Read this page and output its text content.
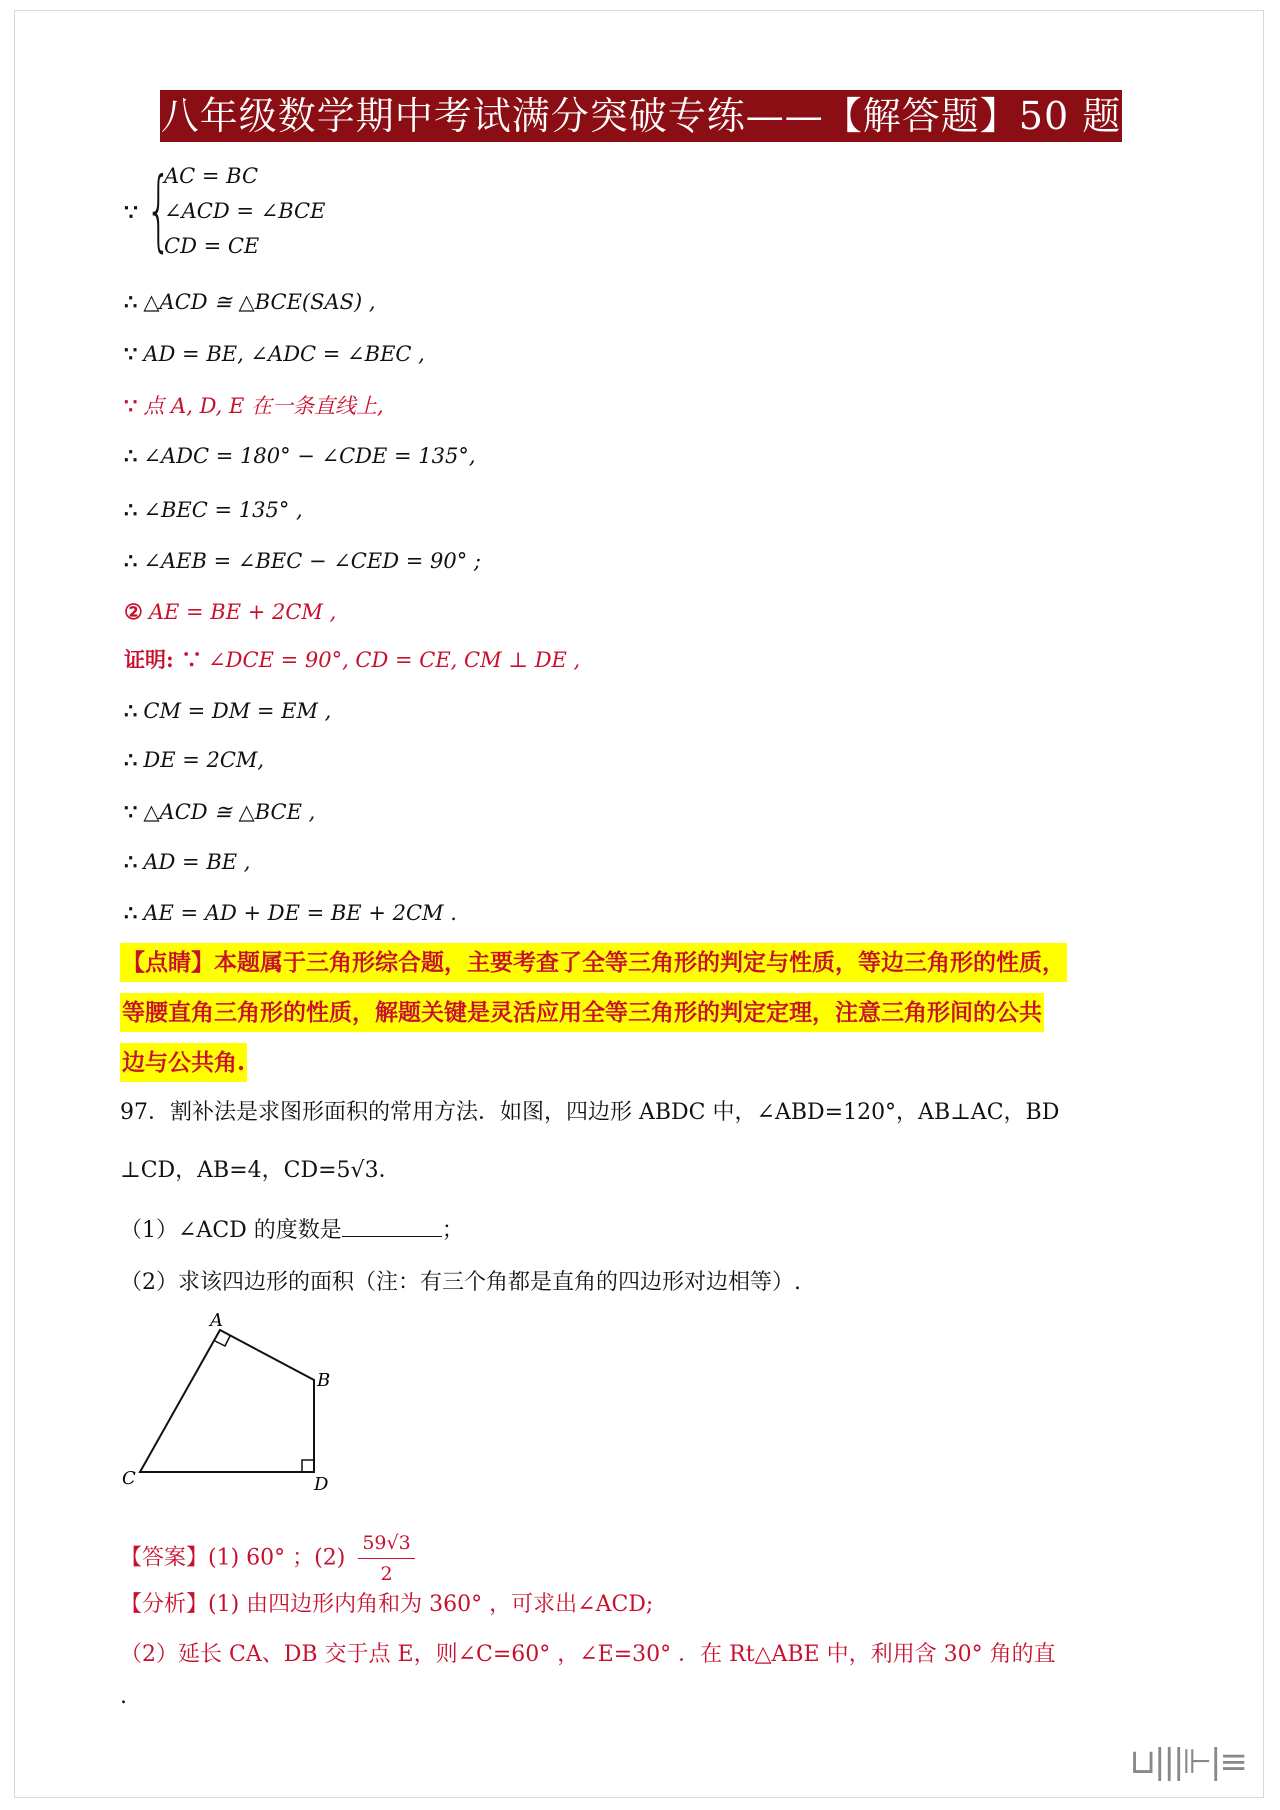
八年级数学期中考试满分突破专练——【解答题】50 题
∵ {
AC = BC
∠ACD = ∠BCE
CD = CE
∴ △ACD ≅ △BCE(SAS) ,
∵ AD = BE, ∠ADC = ∠BEC ,
∵ 点 A, D, E 在一条直线上,
∴ ∠ADC = 180° − ∠CDE = 135°,
∴ ∠BEC = 135° ,
∴ ∠AEB = ∠BEC − ∠CED = 90° ;
② AE = BE + 2CM ,
证明: ∵ ∠DCE = 90°, CD = CE, CM ⊥ DE ,
∴ CM = DM = EM ,
∴ DE = 2CM,
∵ △ACD ≅ △BCE ,
∴ AD = BE ,
∴ AE = AD + DE = BE + 2CM .
【点睛】本题属于三角形综合题，主要考查了全等三角形的判定与性质，等边三角形的性质，
等腰直角三角形的性质，解题关键是灵活应用全等三角形的判定定理，注意三角形间的公共
边与公共角.
97．割补法是求图形面积的常用方法．如图，四边形 ABDC 中，∠ABD=120°，AB⊥AC，BD
⊥CD，AB=4，CD=5√3．
（1）∠ACD 的度数是	；
（2）求该四边形的面积（注：有三个角都是直角的四边形对边相等）.
A
B
C	D
【答案】(1) 60° ；$(2) \frac{59√3}{2}$
【分析】(1) 由四边形内角和为 360° ，可求出∠ACD;
（2）延长 CA、DB 交于点 E，则∠C=60° ，∠E=30° ．在 Rt△ABE 中，利用含 30° 角的直
.
⊔|||⊩|≡
